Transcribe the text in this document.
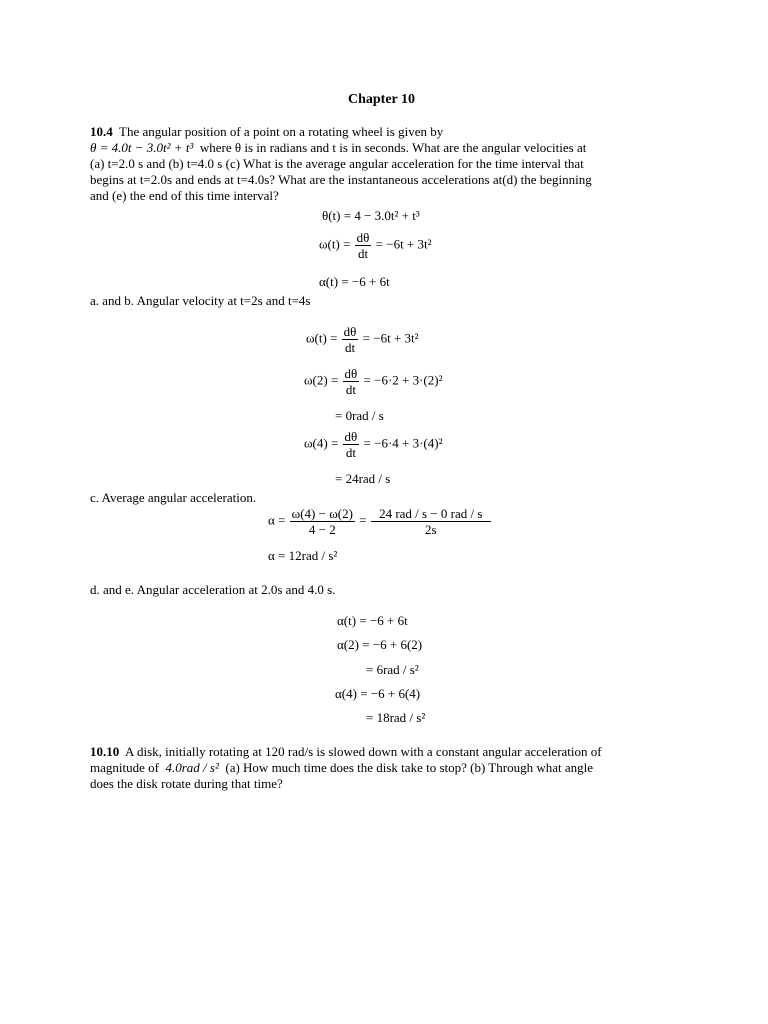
Chapter 10
10.4 The angular position of a point on a rotating wheel is given by
θ = 4.0t − 3.0t² + t³ where θ is in radians and t is in seconds. What are the angular velocities at
(a) t=2.0 s and (b) t=4.0 s (c) What is the average angular acceleration for the time interval that
begins at t=2.0s and ends at t=4.0s? What are the instantaneous accelerations at(d) the beginning
and (e) the end of this time interval?
θ(t) = 4 − 3.0t² + t³
$\omega(t) = \frac{d\theta}{dt} = -6t + 3t^2$
α(t) = −6 + 6t
a. and b. Angular velocity at t=2s and t=4s
$\omega(t) = \frac{d\theta}{dt} = -6t + 3t^2$
$\omega(2) = \frac{d\theta}{dt} = -6\cdot 2 + 3\cdot(2)^2$
= 0rad / s
$\omega(4) = \frac{d\theta}{dt} = -6\cdot 4 + 3\cdot(4)^2$
= 24rad / s
c. Average angular acceleration.
$\alpha = \frac{\omega(4) - \omega(2)}{4 - 2} = \frac{\text{24 rad / s − 0 rad / s}}{2s}$
α = 12rad / s²
d. and e. Angular acceleration at 2.0s and 4.0 s.
α(t) = −6 + 6t
α(2) = −6 + 6(2)
= 6rad / s²
α(4) = −6 + 6(4)
= 18rad / s²
10.10 A disk, initially rotating at 120 rad/s is slowed down with a constant angular acceleration of
magnitude of 4.0rad / s² (a) How much time does the disk take to stop? (b) Through what angle
does the disk rotate during that time?
